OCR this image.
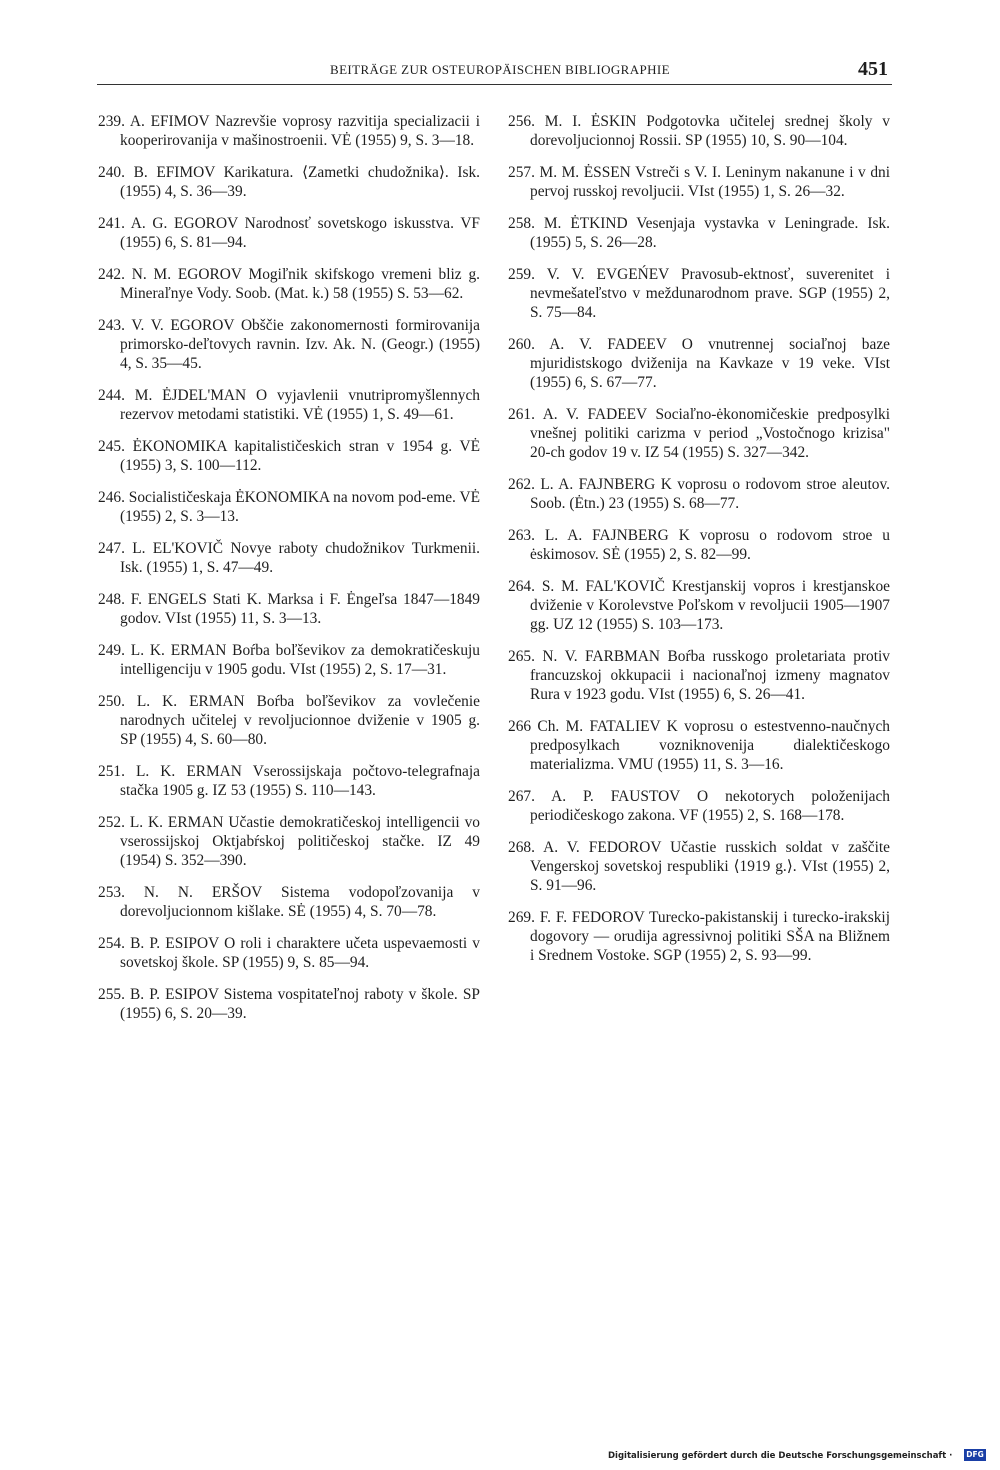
BEITRÄGE ZUR OSTEUROPÄISCHEN BIBLIOGRAPHIE	451

239. A. EFIMOV Nazrevšie voprosy razvitija specializacii i kooperirovanija v mašinostroenii. VĖ (1955) 9, S. 3—18.

240. B. EFIMOV Karikatura. ⟨Zametki chudožnika⟩. Isk. (1955) 4, S. 36—39.

241. A. G. EGOROV Narodnosť sovetskogo iskusstva. VF (1955) 6, S. 81—94.

242. N. M. EGOROV Mogiľnik skifskogo vremeni bliz g. Mineraľnye Vody. Soob. (Mat. k.) 58 (1955) S. 53—62.

243. V. V. EGOROV Obščie zakonomernosti formirovanija primorsko-deľtovych ravnin. Izv. Ak. N. (Geogr.) (1955) 4, S. 35—45.

244. M. ĖJDEL'MAN O vyjavlenii vnutripromyšlennych rezervov metodami statistiki. VĖ (1955) 1, S. 49—61.

245. ĖKONOMIKA kapitalističeskich stran v 1954 g. VĖ (1955) 3, S. 100—112.

246. Socialističeskaja ĖKONOMIKA na novom pod-eme. VĖ (1955) 2, S. 3—13.

247. L. EL'KOVIČ Novye raboty chudožnikov Turkmenii. Isk. (1955) 1, S. 47—49.

248. F. ENGELS Stati K. Marksa i F. Ėngeľsa 1847—1849 godov. VIst (1955) 11, S. 3—13.

249. L. K. ERMAN Boŕba boľševikov za demokratičeskuju intelligenciju v 1905 godu. VIst (1955) 2, S. 17—31.

250. L. K. ERMAN Boŕba boľševikov za vovlečenie narodnych učitelej v revoljucionnoe dviženie v 1905 g. SP (1955) 4, S. 60—80.

251. L. K. ERMAN Vserossijskaja počtovo-telegrafnaja stačka 1905 g. IZ 53 (1955) S. 110—143.

252. L. K. ERMAN Učastie demokratičeskoj intelligencii vo vserossijskoj Oktjabŕskoj političeskoj stačke. IZ 49 (1954) S. 352—390.

253. N. N. ERŠOV Sistema vodopoľzovanija v dorevoljucionnom kišlake. SĖ (1955) 4, S. 70—78.

254. B. P. ESIPOV O roli i charaktere učeta uspevaemosti v sovetskoj škole. SP (1955) 9, S. 85—94.

255. B. P. ESIPOV Sistema vospitateľnoj raboty v škole. SP (1955) 6, S. 20—39.

256. M. I. ĖSKIN Podgotovka učitelej srednej školy v dorevoljucionnoj Rossii. SP (1955) 10, S. 90—104.

257. M. M. ĖSSEN Vstreči s V. I. Leninym nakanune i v dni pervoj russkoj revoljucii. VIst (1955) 1, S. 26—32.

258. M. ĖTKIND Vesenjaja vystavka v Leningrade. Isk. (1955) 5, S. 26—28.

259. V. V. EVGEŃEV Pravosub-ektnosť, suverenitet i nevmešateľstvo v meždunarodnom prave. SGP (1955) 2, S. 75—84.

260. A. V. FADEEV O vnutrennej sociaľnoj baze mjuridistskogo dviženija na Kavkaze v 19 veke. VIst (1955) 6, S. 67—77.

261. A. V. FADEEV Sociaľno-ėkonomičeskie predposylki vnešnej politiki carizma v period „Vostočnogo krizisa" 20-ch godov 19 v. IZ 54 (1955) S. 327—342.

262. L. A. FAJNBERG K voprosu o rodovom stroe aleutov. Soob. (Ėtn.) 23 (1955) S. 68—77.

263. L. A. FAJNBERG K voprosu o rodovom stroe u ėskimosov. SĖ (1955) 2, S. 82—99.

264. S. M. FAL'KOVIČ Krestjanskij vopros i krestjanskoe dviženie v Korolevstve Poľskom v revoljucii 1905—1907 gg. UZ 12 (1955) S. 103—173.

265. N. V. FARBMAN Boŕba russkogo proletariata protiv francuzskoj okkupacii i nacionaľnoj izmeny magnatov Rura v 1923 godu. VIst (1955) 6, S. 26—41.

266 Ch. M. FATALIEV K voprosu o estestvenno-naučnych predposylkach vozniknovenija dialektičeskogo materializma. VMU (1955) 11, S. 3—16.

267. A. P. FAUSTOV O nekotorych položenijach periodičeskogo zakona. VF (1955) 2, S. 168—178.

268. A. V. FEDOROV Učastie russkich soldat v zaščite Vengerskoj sovetskoj respubliki ⟨1919 g.⟩. VIst (1955) 2, S. 91—96.

269. F. F. FEDOROV Turecko-pakistanskij i turecko-irakskij dogovory — orudija agressivnoj politiki SŠA na Bližnem i Srednem Vostoke. SGP (1955) 2, S. 93—99.

Digitalisierung gefördert durch die Deutsche Forschungsgemeinschaft · DFG
